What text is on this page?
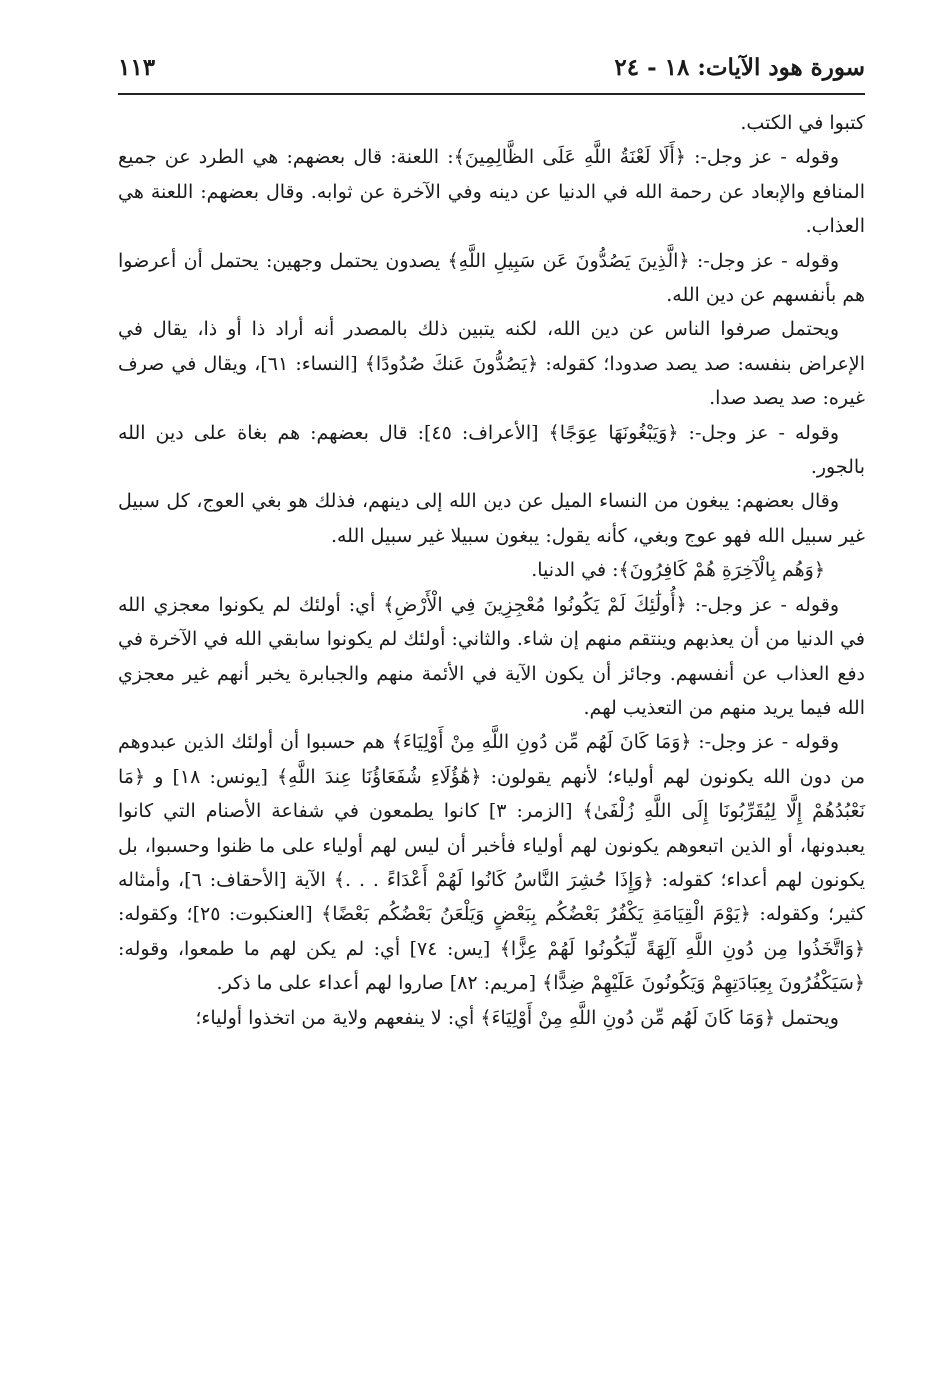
سورة هود الآيات: ١٨ - ٢٤
١١٣

كتبوا في الكتب.

وقوله - عز وجل-: ﴿أَلَا لَعْنَةُ اللَّهِ عَلَى الظَّالِمِينَ﴾: اللعنة: قال بعضهم: هي الطرد عن جميع المنافع والإبعاد عن رحمة الله في الدنيا عن دينه وفي الآخرة عن ثوابه. وقال بعضهم: اللعنة هي العذاب.

وقوله - عز وجل-: ﴿الَّذِينَ يَصُدُّونَ عَن سَبِيلِ اللَّهِ﴾ يصدون يحتمل وجهين: يحتمل أن أعرضوا هم بأنفسهم عن دين الله.

ويحتمل صرفوا الناس عن دين الله، لكنه يتبين ذلك بالمصدر أنه أراد ذا أو ذا، يقال في الإعراض بنفسه: صد يصد صدودا؛ كقوله: ﴿يَصُدُّونَ عَنكَ صُدُودًا﴾ [النساء: ٦١]، ويقال في صرف غيره: صد يصد صدا.

وقوله - عز وجل-: ﴿وَيَبْغُونَهَا عِوَجًا﴾ [الأعراف: ٤٥]: قال بعضهم: هم بغاة على دين الله بالجور.

وقال بعضهم: يبغون من النساء الميل عن دين الله إلى دينهم، فذلك هو بغي العوج، كل سبيل غير سبيل الله فهو عوج وبغي، كأنه يقول: يبغون سبيلا غير سبيل الله.

﴿وَهُم بِالْآخِرَةِ هُمْ كَافِرُونَ﴾: في الدنيا.

وقوله - عز وجل-: ﴿أُولَٰئِكَ لَمْ يَكُونُوا مُعْجِزِينَ فِي الْأَرْضِ﴾ أي: أولئك لم يكونوا معجزي الله في الدنيا من أن يعذبهم وينتقم منهم إن شاء. والثاني: أولئك لم يكونوا سابقي الله في الآخرة في دفع العذاب عن أنفسهم. وجائز أن يكون الآية في الأئمة منهم والجبابرة يخبر أنهم غير معجزي الله فيما يريد منهم من التعذيب لهم.

وقوله - عز وجل-: ﴿وَمَا كَانَ لَهُم مِّن دُونِ اللَّهِ مِنْ أَوْلِيَاءَ﴾ هم حسبوا أن أولئك الذين عبدوهم من دون الله يكونون لهم أولياء؛ لأنهم يقولون: ﴿هَٰؤُلَاءِ شُفَعَاؤُنَا عِندَ اللَّهِ﴾ [يونس: ١٨] و ﴿مَا نَعْبُدُهُمْ إِلَّا لِيُقَرِّبُونَا إِلَى اللَّهِ زُلْفَىٰ﴾ [الزمر: ٣] كانوا يطمعون في شفاعة الأصنام التي كانوا يعبدونها، أو الذين اتبعوهم يكونون لهم أولياء فأخبر أن ليس لهم أولياء على ما ظنوا وحسبوا، بل يكونون لهم أعداء؛ كقوله: ﴿وَإِذَا حُشِرَ النَّاسُ كَانُوا لَهُمْ أَعْدَاءً . . .﴾ الآية [الأحقاف: ٦]، وأمثاله كثير؛ وكقوله: ﴿يَوْمَ الْقِيَامَةِ يَكْفُرُ بَعْضُكُم بِبَعْضٍ وَيَلْعَنُ بَعْضُكُم بَعْضًا﴾ [العنكبوت: ٢٥]؛ وكقوله: ﴿وَاتَّخَذُوا مِن دُونِ اللَّهِ آلِهَةً لِّيَكُونُوا لَهُمْ عِزًّا﴾ [يس: ٧٤] أي: لم يكن لهم ما طمعوا، وقوله: ﴿سَيَكْفُرُونَ بِعِبَادَتِهِمْ وَيَكُونُونَ عَلَيْهِمْ ضِدًّا﴾ [مريم: ٨٢] صاروا لهم أعداء على ما ذكر.

ويحتمل ﴿وَمَا كَانَ لَهُم مِّن دُونِ اللَّهِ مِنْ أَوْلِيَاءَ﴾ أي: لا ينفعهم ولاية من اتخذوا أولياء؛
